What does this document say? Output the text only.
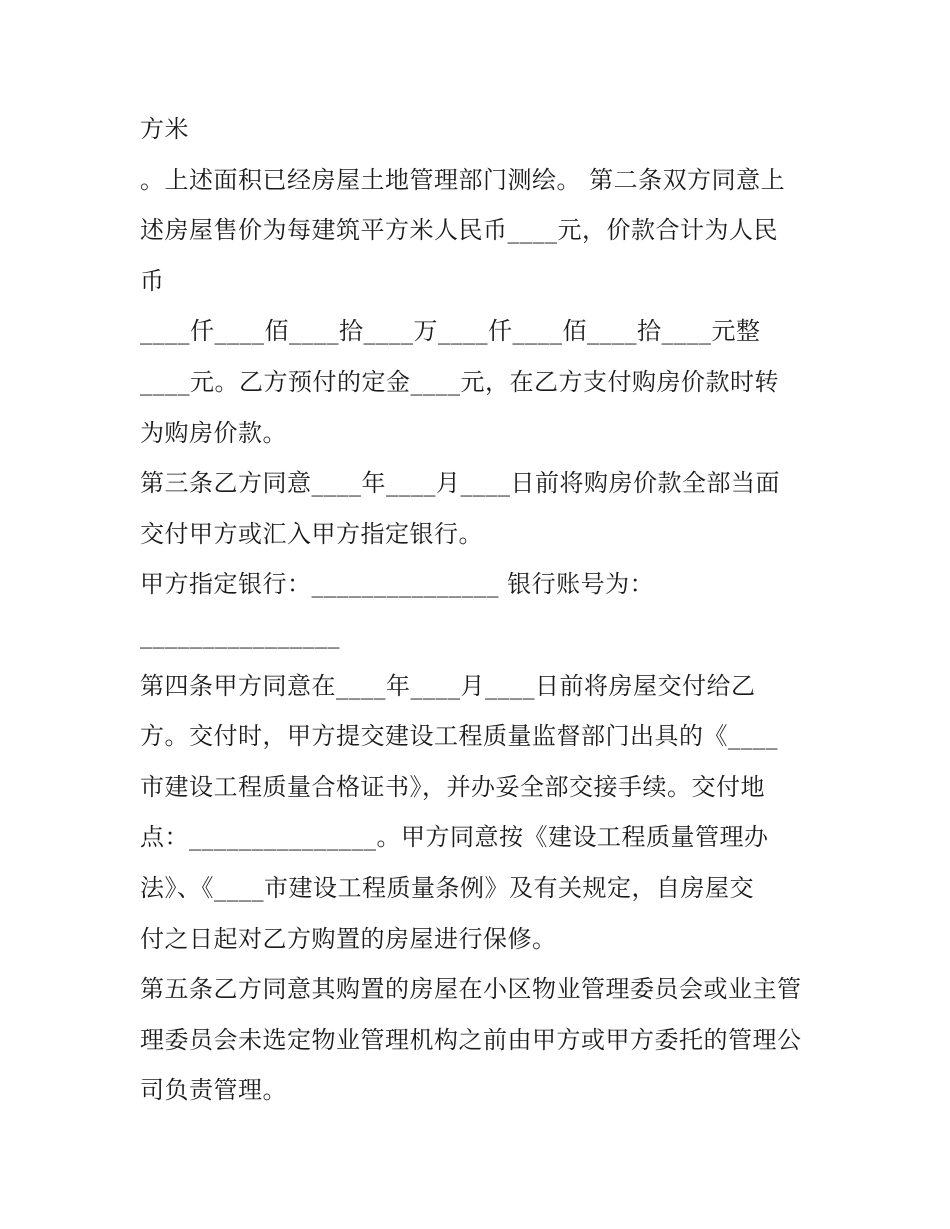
方米
。上述面积已经房屋土地管理部门测绘。 第二条双方同意上
述房屋售价为每建筑平方米人民币____元，价款合计为人民
币
____仟____佰____拾____万____仟____佰____拾____元整
____元。乙方预付的定金____元，在乙方支付购房价款时转
为购房价款。
第三条乙方同意____年____月____日前将购房价款全部当面
交付甲方或汇入甲方指定银行。
甲方指定银行：_______________ 银行账号为：
________________
第四条甲方同意在____年____月____日前将房屋交付给乙
方。交付时，甲方提交建设工程质量监督部门出具的《____
市建设工程质量合格证书》，并办妥全部交接手续。交付地
点：_______________。甲方同意按《建设工程质量管理办
法》、《____市建设工程质量条例》及有关规定，自房屋交
付之日起对乙方购置的房屋进行保修。
第五条乙方同意其购置的房屋在小区物业管理委员会或业主管
理委员会未选定物业管理机构之前由甲方或甲方委托的管理公
司负责管理。
